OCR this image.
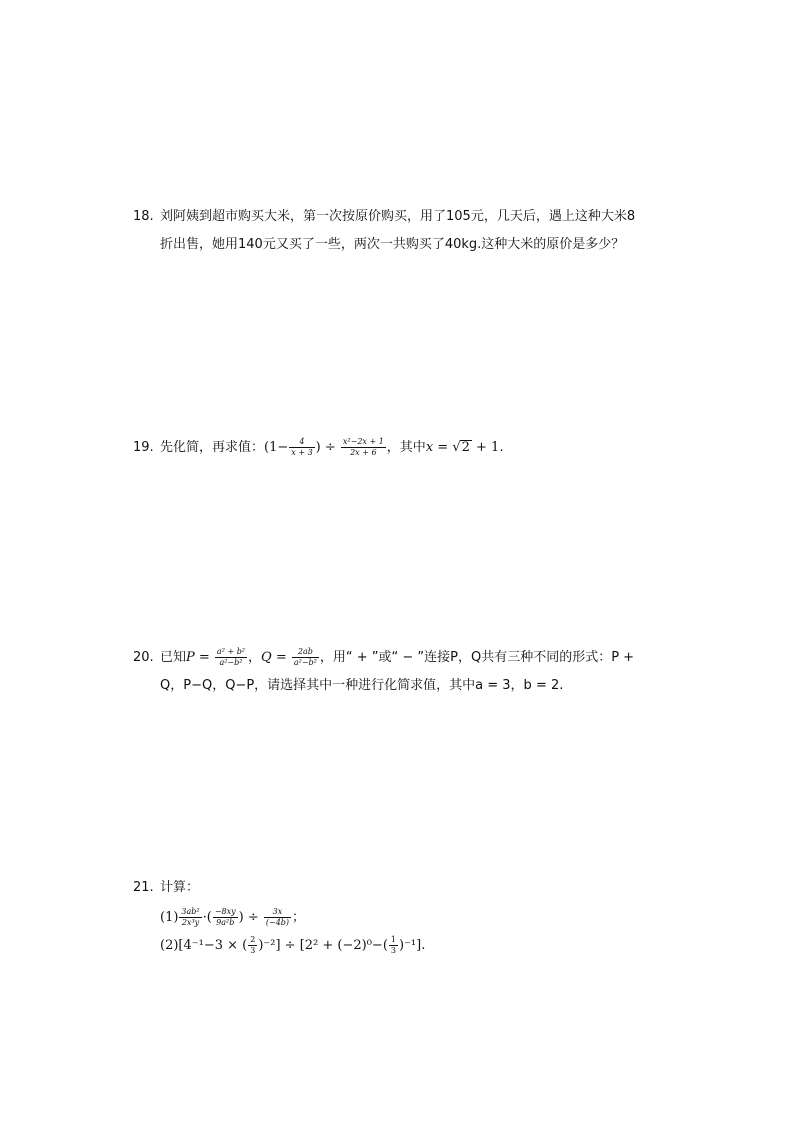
18. 刘阿姨到超市购买大米，第一次按原价购买，用了105元，几天后，遇上这种大米8
折出售，她用140元又买了一些，两次一共购买了40kg.这种大米的原价是多少？
19. 先化简，再求值：($1- \frac{4}{x + 3}$ ) ÷ $\frac{\text{x²−2x + 1}}{2x + 6}$ ，其中x = √2 + 1.
20. 已知$P = \frac{\text{a² + b²}}{\text{a²−b²}}$ ，$Q = \frac{2ab}{\text{a²−b²}}$ ，用“ + ”或“ − ”连接P，Q共有三种不同的形式：P +
Q，P−Q，Q−P，请选择其中一种进行化简求值，其中a = 3，b = 2.
21. 计算：
$(1) \frac{\text{3ab²}}{\text{2x³y}}$ ·( $\frac{-8xy}{\text{9a²b}}$ ) ÷ $\frac{3x}{(-4b)}$ ；
(2)[4⁻¹−3 × ( $\frac{2}{3} )^{-2}] \div [2^2 + (-2)^0-( \frac{1}{3} )^{-1}]$.
